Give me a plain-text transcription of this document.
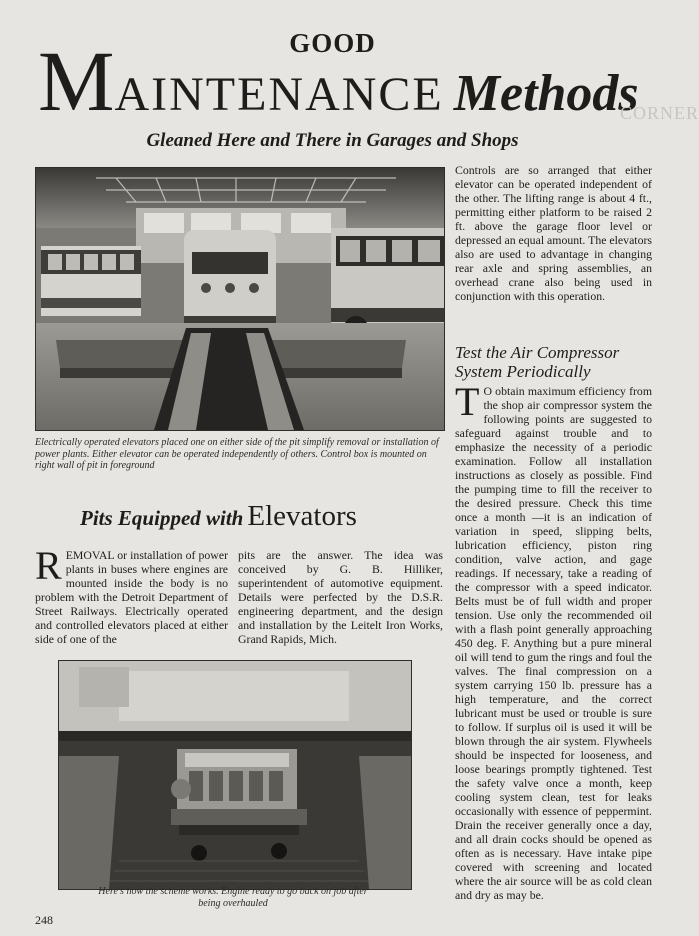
GOOD
MAINTENANCE Methods
CORNER
Gleaned Here and There in Garages and Shops
Electrically operated elevators placed one on either side of the pit simplify removal or installation of power plants. Either elevator can be operated independently of others. Control box is mounted on right wall of pit in foreground
Pits Equipped with Elevators
REMOVAL or installation of power plants in buses where engines are mounted inside the body is no problem with the Detroit Department of Street Railways. Electrically operated and controlled elevators placed at either side of one of the
pits are the answer. The idea was conceived by G. B. Hilliker, superintendent of automotive equipment. Details were perfected by the D.S.R. engineering department, and the design and installation by the Leitelt Iron Works, Grand Rapids, Mich.
Here's how the scheme works. Engine ready to go back on job after being overhauled
Controls are so arranged that either elevator can be operated independent of the other. The lifting range is about 4 ft., permitting either platform to be raised 2 ft. above the garage floor level or depressed an equal amount. The elevators also are used to advantage in changing rear axle and spring assemblies, an overhead crane also being used in conjunction with this operation.
Test the Air Compressor
System Periodically
T O obtain maximum efficiency from the shop air compressor system the following points are suggested to safeguard against trouble and to emphasize the necessity of a periodic examination. Follow all installation instructions as closely as possible. Find the pumping time to fill the receiver to the desired pressure. Check this time once a month —it is an indication of variation in speed, slipping belts, lubrication efficiency, piston ring condition, valve action, and gage readings. If necessary, take a reading of the compressor with a speed indicator. Belts must be of full width and proper tension. Use only the recommended oil with a flash point generally approaching 450 deg. F. Anything but a pure mineral oil will tend to gum the rings and foul the valves. The final compression on a system carrying 150 lb. pressure has a high temperature, and the correct lubricant must be used or trouble is sure to follow. If surplus oil is used it will be blown through the air system. Flywheels should be inspected for looseness, and loose bearings promptly tightened. Test the safety valve once a month, keep cooling system clean, test for leaks occasionally with essence of peppermint. Drain the receiver generally once a day, and all drain cocks should be opened as often as is necessary. Have intake pipe covered with screening and located where the air source will be as cold clean and dry as may be.
248
